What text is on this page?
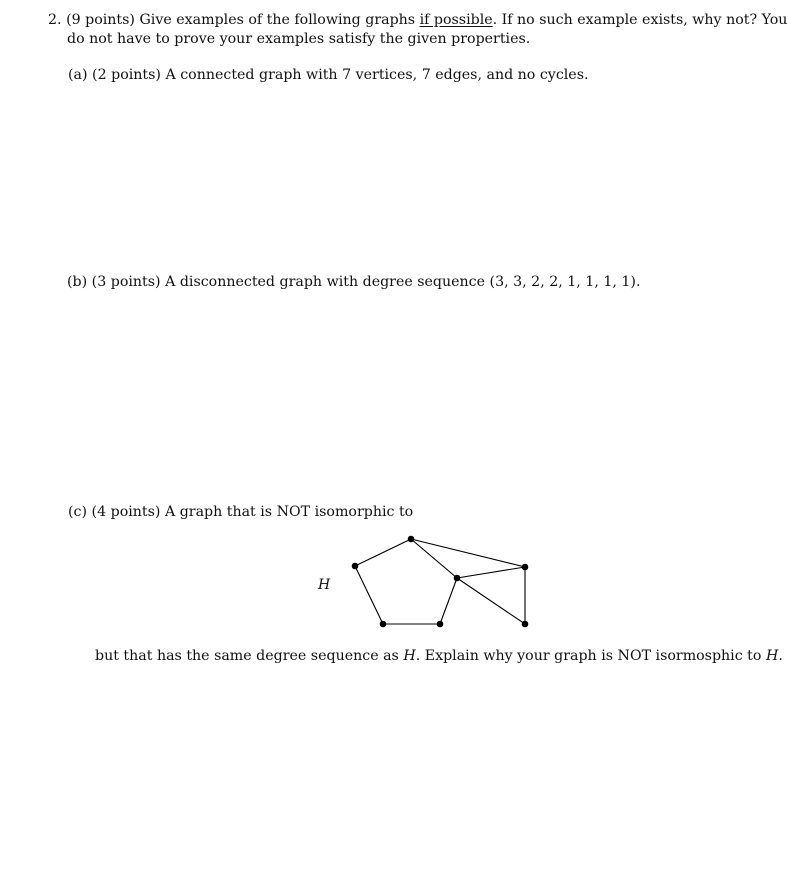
2. (9 points) Give examples of the following graphs if possible. If no such example exists, why not? You
do not have to prove your examples satisfy the given properties.
(a) (2 points) A connected graph with 7 vertices, 7 edges, and no cycles.
(b) (3 points) A disconnected graph with degree sequence (3, 3, 2, 2, 1, 1, 1, 1).
(c) (4 points) A graph that is NOT isomorphic to
H
but that has the same degree sequence as H. Explain why your graph is NOT isormosphic to H.
